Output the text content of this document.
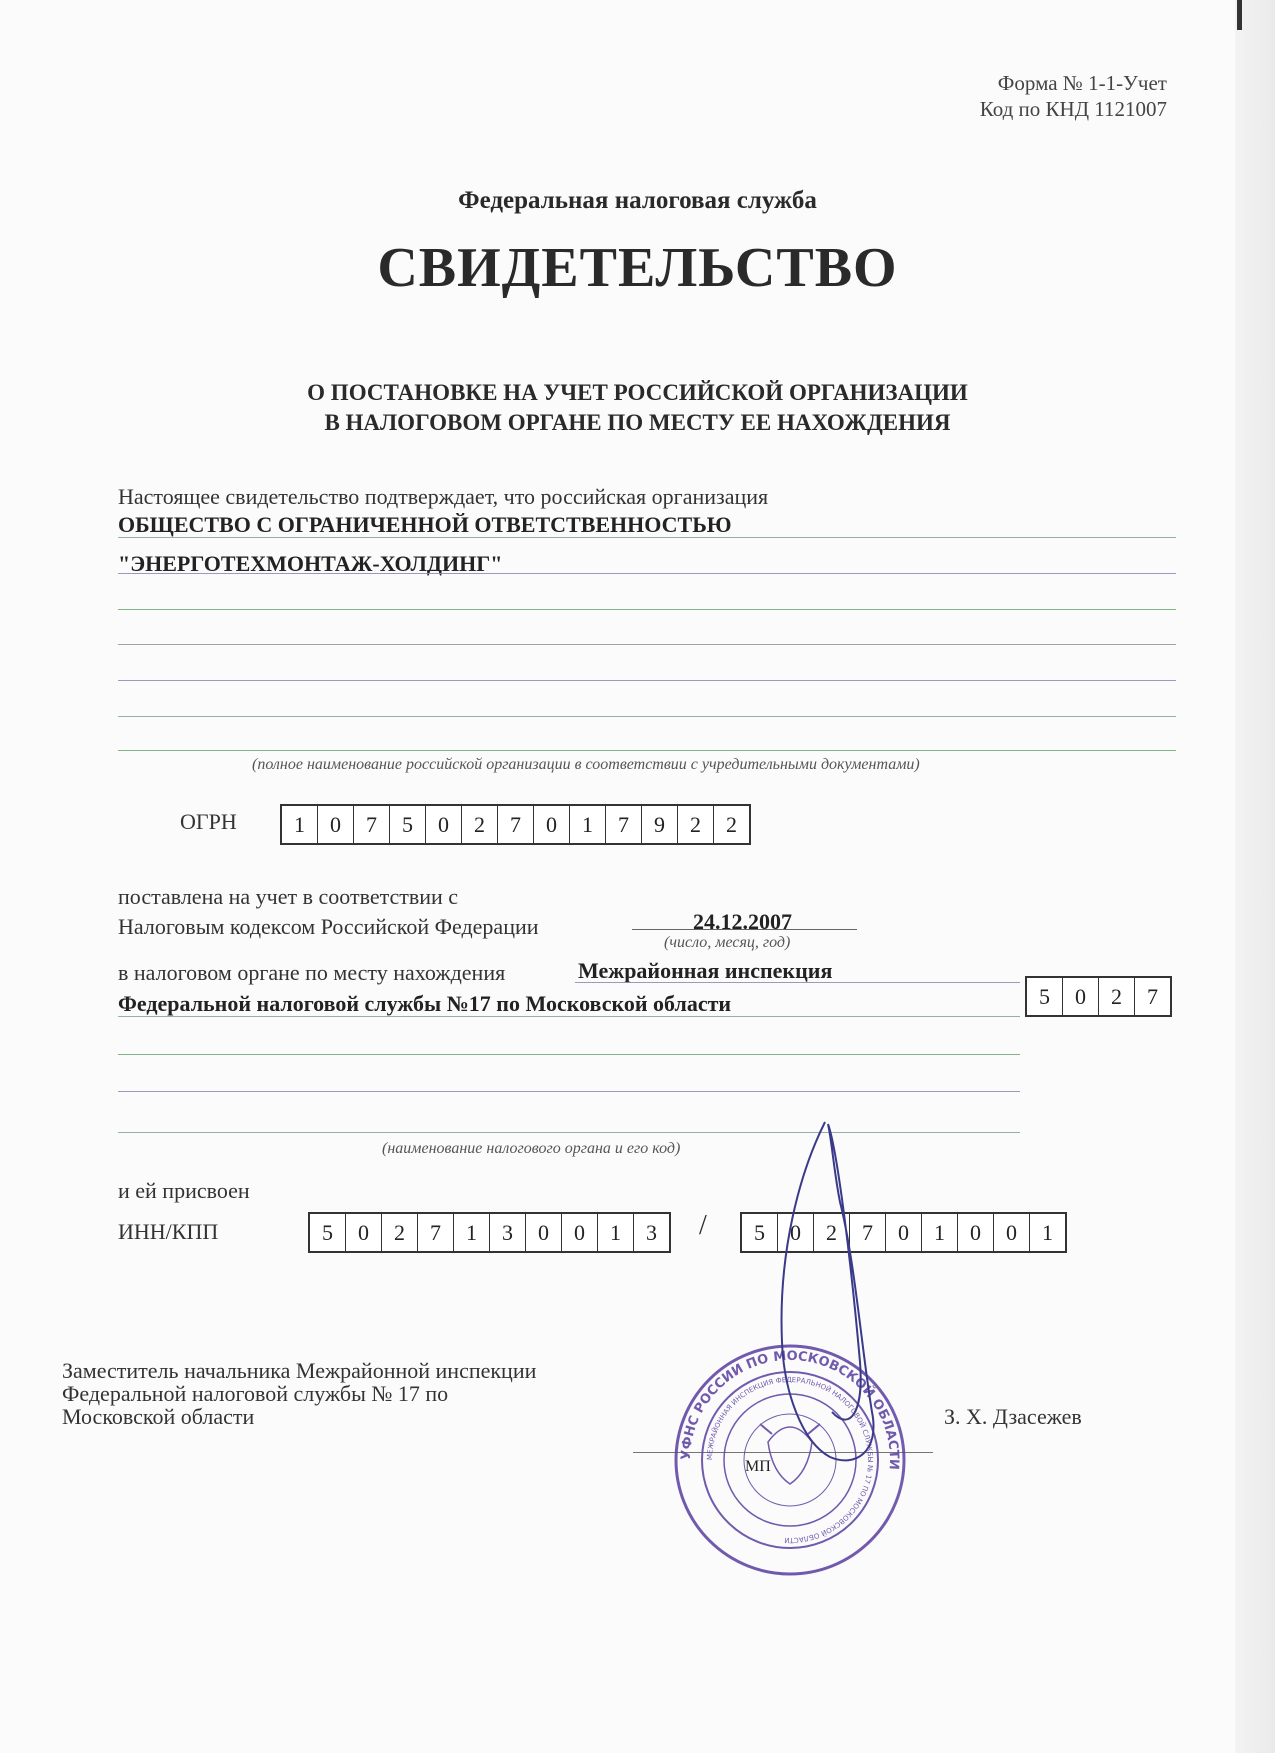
Форма № 1-1-Учет
Код по КНД 1121007
Федеральная налоговая служба
СВИДЕТЕЛЬСТВО
О ПОСТАНОВКЕ НА УЧЕТ РОССИЙСКОЙ ОРГАНИЗАЦИИ
В НАЛОГОВОМ ОРГАНЕ ПО МЕСТУ ЕЕ НАХОЖДЕНИЯ
Настоящее свидетельство подтверждает, что российская организация
ОБЩЕСТВО С ОГРАНИЧЕННОЙ ОТВЕТСТВЕННОСТЬЮ
"ЭНЕРГОТЕХМОНТАЖ-ХОЛДИНГ"
(полное наименование российской организации в соответствии с учредительными документами)
ОГРН	1	0	7	5	0	2	7	0	1	7	9	2	2
поставлена на учет в соответствии с
Налоговым кодексом Российской Федерации	24.12.2007
(число, месяц, год)
в налоговом органе по месту нахождения	Межрайонная инспекция
Федеральной налоговой службы №17 по Московской области	5	0	2	7
(наименование налогового органа и его код)
и ей присвоен
ИНН/КПП	5	0	2	7	1	3	0	0	1	3	/	5	0	2	7	0	1	0	0	1
Заместитель начальника Межрайонной инспекции
Федеральной налоговой службы № 17 по
Московской области	З. Х. Дзасежев
УФНС РОССИИ ПО МОСКОВСКОЙ ОБЛАСТИ
МЕЖРАЙОННАЯ ИНСПЕКЦИЯ ФЕДЕРАЛЬНОЙ НАЛОГОВОЙ СЛУЖБЫ № 17 ПО МОСКОВСКОЙ ОБЛАСТИ
МП
